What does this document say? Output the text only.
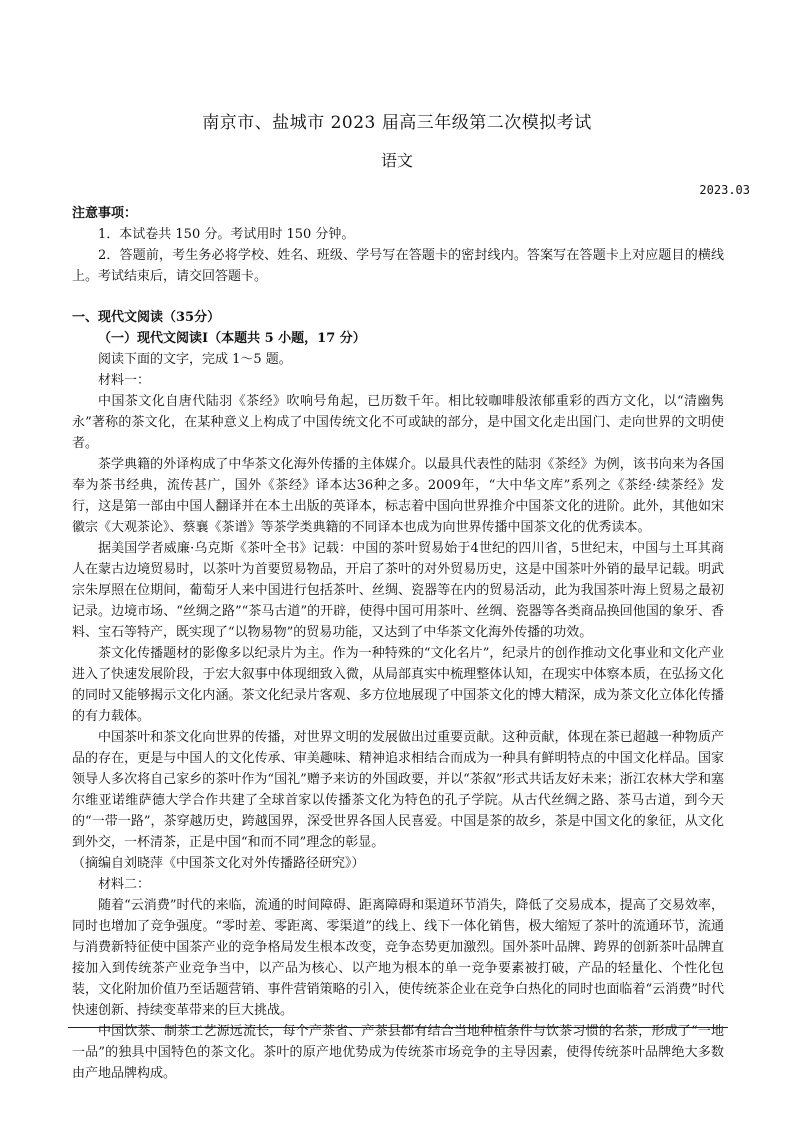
南京市、盐城市 2023 届高三年级第二次模拟考试
语文
2023.03

注意事项：

1．本试卷共 150 分。考试用时 150 分钟。

2．答题前，考生务必将学校、姓名、班级、学号写在答题卡的密封线内。答案写在答题卡上对应题目的横线上。考试结束后，请交回答题卡。

一、现代文阅读（35分）

（一）现代文阅读Ⅰ（本题共 5 小题，17 分）

阅读下面的文字，完成 1～5 题。

材料一：

中国茶文化自唐代陆羽《茶经》吹响号角起，已历数千年。相比较咖啡般浓郁重彩的西方文化，以“清幽隽永”著称的茶文化，在某种意义上构成了中国传统文化不可或缺的部分，是中国文化走出国门、走向世界的文明使者。

茶学典籍的外译构成了中华茶文化海外传播的主体媒介。以最具代表性的陆羽《茶经》为例，该书向来为各国奉为茶书经典，流传甚广，国外《茶经》译本达36种之多。2009年，“大中华文库”系列之《茶经·续茶经》发行，这是第一部由中国人翻译并在本土出版的英译本，标志着中国向世界推介中国茶文化的进阶。此外，其他如宋徽宗《大观茶论》、蔡襄《茶谱》等茶学类典籍的不同译本也成为向世界传播中国茶文化的优秀读本。

据美国学者威廉·乌克斯《茶叶全书》记载：中国的茶叶贸易始于4世纪的四川省，5世纪末，中国与土耳其商人在蒙古边境贸易时，以茶叶为首要贸易物品，开启了茶叶的对外贸易历史，这是中国茶叶外销的最早记载。明武宗朱厚照在位期间，葡萄牙人来中国进行包括茶叶、丝绸、瓷器等在内的贸易活动，此为我国茶叶海上贸易之最初记录。边境市场、“丝绸之路”“茶马古道”的开辟，使得中国可用茶叶、丝绸、瓷器等各类商品换回他国的象牙、香料、宝石等特产，既实现了“以物易物”的贸易功能，又达到了中华茶文化海外传播的功效。

茶文化传播题材的影像多以纪录片为主。作为一种特殊的“文化名片”，纪录片的创作推动文化事业和文化产业进入了快速发展阶段，于宏大叙事中体现细致入微，从局部真实中梳理整体认知，在现实中体察本质，在弘扬文化的同时又能够揭示文化内涵。茶文化纪录片客观、多方位地展现了中国茶文化的博大精深，成为茶文化立体化传播的有力载体。

中国茶叶和茶文化向世界的传播，对世界文明的发展做出过重要贡献。这种贡献，体现在茶已超越一种物质产品的存在，更是与中国人的文化传承、审美趣味、精神追求相结合而成为一种具有鲜明特点的中国文化样品。国家领导人多次将自己家乡的茶叶作为“国礼”赠予来访的外国政要，并以“茶叙”形式共话友好未来；浙江农林大学和塞尔维亚诺维萨德大学合作共建了全球首家以传播茶文化为特色的孔子学院。从古代丝绸之路、茶马古道，到今天的“一带一路”，茶穿越历史，跨越国界，深受世界各国人民喜爱。中国是茶的故乡，茶是中国文化的象征，从文化到外交，一杯清茶，正是中国“和而不同”理念的彰显。

（摘编自刘晓萍《中国茶文化对外传播路径研究》）

材料二：

随着“云消费”时代的来临，流通的时间障碍、距离障碍和渠道环节消失，降低了交易成本，提高了交易效率，同时也增加了竞争强度。“零时差、零距离、零渠道”的线上、线下一体化销售，极大缩短了茶叶的流通环节，流通与消费新特征使中国茶产业的竞争格局发生根本改变，竞争态势更加激烈。国外茶叶品牌、跨界的创新茶叶品牌直接加入到传统茶产业竞争当中，以产品为核心、以产地为根本的单一竞争要素被打破，产品的轻量化、个性化包装，文化附加价值乃至话题营销、事件营销策略的引入，使传统茶企业在竞争白热化的同时也面临着“云消费”时代快速创新、持续变革带来的巨大挑战。

中国饮茶、制茶工艺源远流长，每个产茶省、产茶县都有结合当地种植条件与饮茶习惯的名茶，形成了“一地一品”的独具中国特色的茶文化。茶叶的原产地优势成为传统茶市场竞争的主导因素，使得传统茶叶品牌绝大多数由产地品牌构成。
